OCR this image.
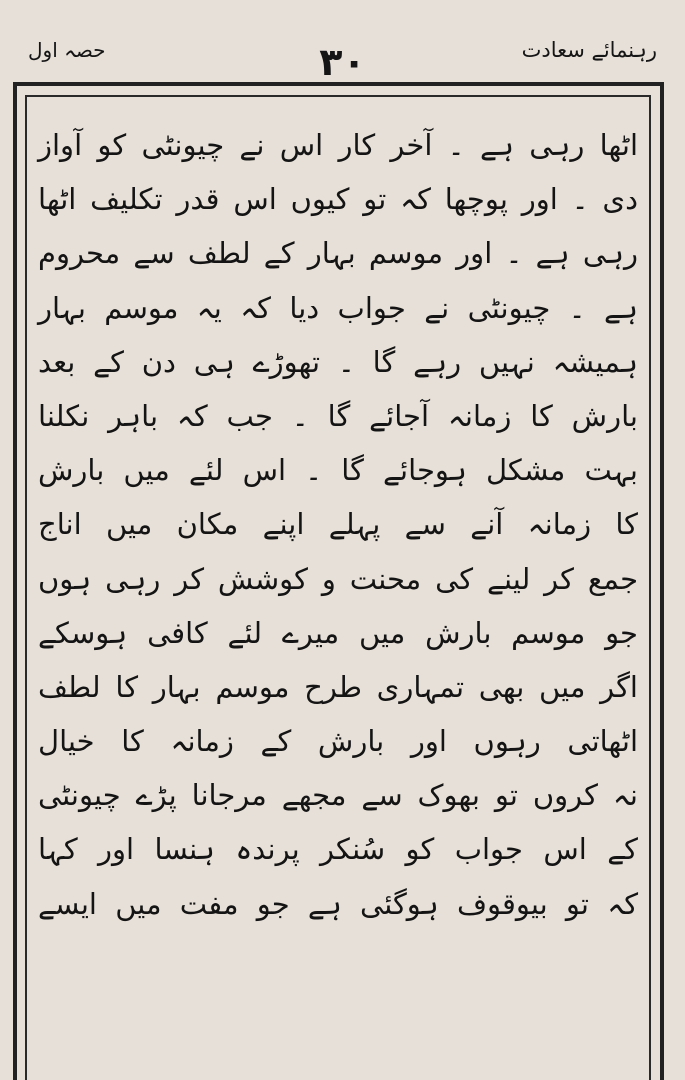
حصہ اول	۳۰	رہنمائے سعادت
اٹھا رہی ہے ۔ آخر کار اس نے چیونٹی کو آواز
دی ۔ اور پوچھا کہ تو کیوں اس قدر تکلیف اٹھا
رہی ہے ۔ اور موسم بہار کے لطف سے محروم
ہے ۔ چیونٹی نے جواب دیا کہ یہ موسم بہار
ہمیشہ نہیں رہے گا ۔ تھوڑے ہی دن کے بعد
بارش کا زمانہ آجائے گا ۔ جب کہ باہر نکلنا
بہت مشکل ہوجائے گا ۔ اس لئے میں بارش
کا زمانہ آنے سے پہلے اپنے مکان میں اناج
جمع کر لینے کی محنت و کوشش کر رہی ہوں
جو موسم بارش میں میرے لئے کافی ہوسکے
اگر میں بھی تمہاری طرح موسم بہار کا لطف
اٹھاتی رہوں اور بارش کے زمانہ کا خیال
نہ کروں تو بھوک سے مجھے مرجانا پڑے چیونٹی
کے اس جواب کو سُنکر پرندہ ہنسا اور کہا
کہ تو بیوقوف ہوگئی ہے جو مفت میں ایسے
